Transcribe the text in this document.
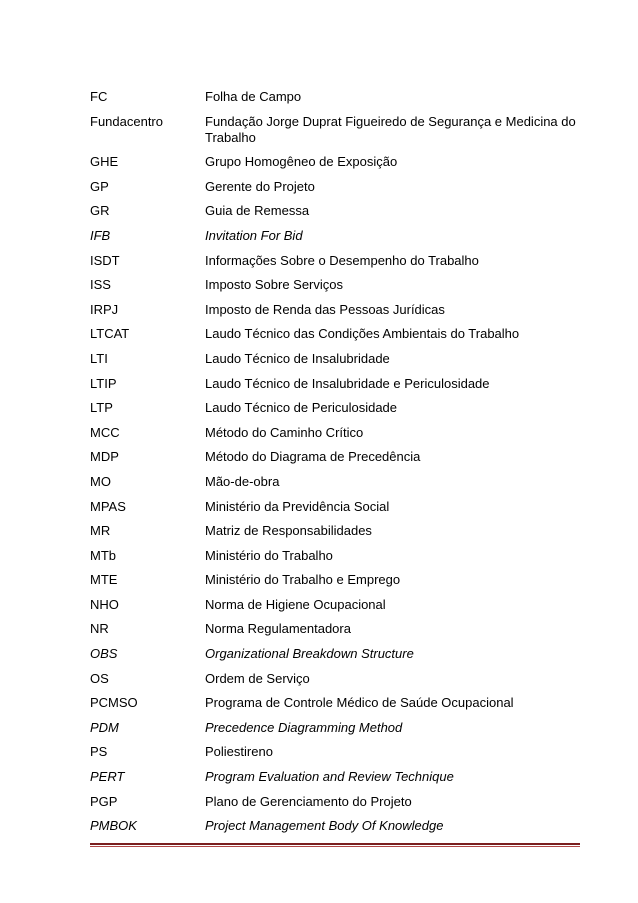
FC	Folha de Campo
Fundacentro	Fundação Jorge Duprat Figueiredo de Segurança e Medicina do Trabalho
GHE	Grupo Homogêneo de Exposição
GP	Gerente do Projeto
GR	Guia de Remessa
IFB	Invitation For Bid
ISDT	Informações Sobre o Desempenho do Trabalho
ISS	Imposto Sobre Serviços
IRPJ	Imposto de Renda das Pessoas Jurídicas
LTCAT	Laudo Técnico das Condições Ambientais do Trabalho
LTI	Laudo Técnico de Insalubridade
LTIP	Laudo Técnico de Insalubridade e Periculosidade
LTP	Laudo Técnico de Periculosidade
MCC	Método do Caminho Crítico
MDP	Método do Diagrama de Precedência
MO	Mão-de-obra
MPAS	Ministério da Previdência Social
MR	Matriz de Responsabilidades
MTb	Ministério do Trabalho
MTE	Ministério do Trabalho e Emprego
NHO	Norma de Higiene Ocupacional
NR	Norma Regulamentadora
OBS	Organizational Breakdown Structure
OS	Ordem de Serviço
PCMSO	Programa de Controle Médico de Saúde Ocupacional
PDM	Precedence Diagramming Method
PS	Poliestireno
PERT	Program Evaluation and Review Technique
PGP	Plano de Gerenciamento do Projeto
PMBOK	Project Management Body Of Knowledge
